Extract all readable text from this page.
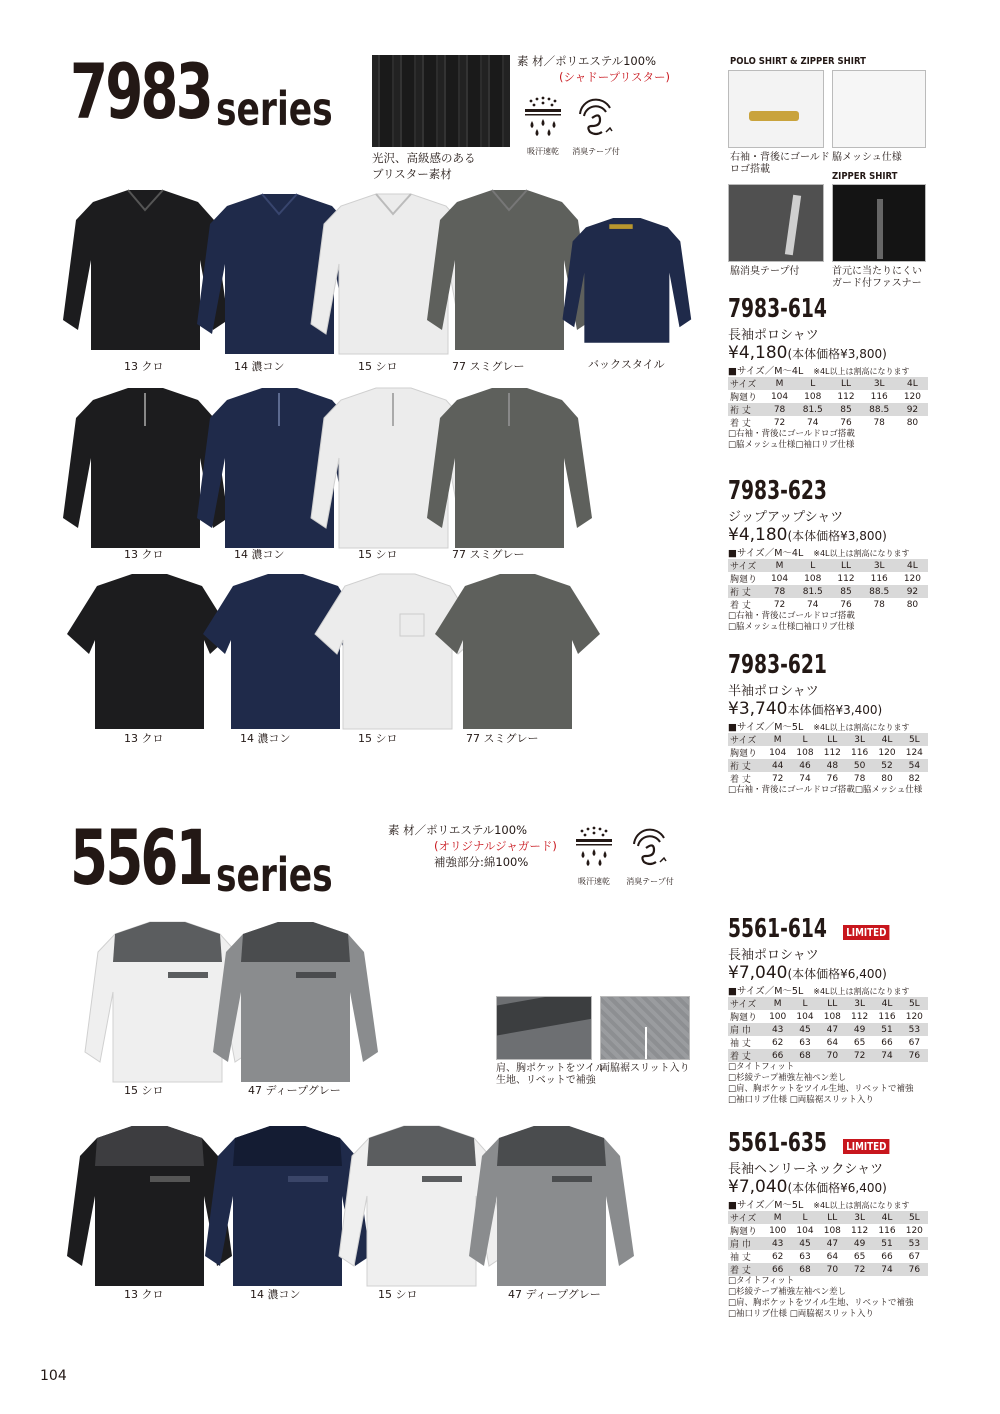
7983 series
光沢、高級感のある
ブリスター素材
素 材／ポリエステル100%
(シャドープリスター)
吸汗速乾	消臭テープ付
13 クロ	14 濃コン	15 シロ	77 スミグレー	バックスタイル
13 クロ	14 濃コン	15 シロ	77 スミグレー
13 クロ	14 濃コン	15 シロ	77 スミグレー
POLO SHIRT & ZIPPER SHIRT
右袖・背後にゴールド
ロゴ搭載
脇メッシュ仕様
ZIPPER SHIRT
脇消臭テープ付	首元に当たりにくい
ガード付ファスナー
7983-614
長袖ポロシャツ
¥4,180(本体価格¥3,800)
■サイズ／M～4L ※4L以上は割高になります
サイズ	M	L	LL	3L	4L
胸廻り	104	108	112	116	120
裄 丈	78	81.5	85	88.5	92
着 丈	72	74	76	78	80
□右袖・背後にゴールドロゴ搭載
□脇メッシュ仕様□袖口リブ仕様
7983-623
ジップアップシャツ
¥4,180(本体価格¥3,800)
■サイズ／M～4L ※4L以上は割高になります
サイズ	M	L	LL	3L	4L
胸廻り	104	108	112	116	120
裄 丈	78	81.5	85	88.5	92
着 丈	72	74	76	78	80
□右袖・背後にゴールドロゴ搭載
□脇メッシュ仕様□袖口リブ仕様
7983-621
半袖ポロシャツ
¥3,740本体価格¥3,400)
■サイズ／M～5L ※4L以上は割高になります
サイズ	M	L	LL	3L	4L	5L
胸廻り	104	108	112	116	120	124
裄 丈	44	46	48	50	52	54
着 丈	72	74	76	78	80	82
□右袖・背後にゴールドロゴ搭載□脇メッシュ仕様
5561 series
素 材／ポリエステル100%
(オリジナルジャガード)
補強部分:綿100%
吸汗速乾	消臭テープ付
肩、胸ポケットをツイル
生地、リベットで補強
両脇裾スリット入り
15 シロ	47 ディープグレー
13 クロ	14 濃コン	15 シロ	47 ディープグレー
5561-614 LIMITED
長袖ポロシャツ
¥7,040(本体価格¥6,400)
■サイズ／M～5L ※4L以上は割高になります
サイズ	M	L	LL	3L	4L	5L
胸廻り	100	104	108	112	116	120
肩 巾	43	45	47	49	51	53
袖 丈	62	63	64	65	66	67
着 丈	66	68	70	72	74	76
□タイトフィット
□杉綾テープ補強左袖ペン差し
□肩、胸ポケットをツイル生地、リベットで補強
□袖口リブ仕様 □両脇裾スリット入り
5561-635 LIMITED
長袖ヘンリーネックシャツ
¥7,040(本体価格¥6,400)
■サイズ／M～5L ※4L以上は割高になります
サイズ	M	L	LL	3L	4L	5L
胸廻り	100	104	108	112	116	120
肩 巾	43	45	47	49	51	53
袖 丈	62	63	64	65	66	67
着 丈	66	68	70	72	74	76
□タイトフィット
□杉綾テープ補強左袖ペン差し
□肩、胸ポケットをツイル生地、リベットで補強
□袖口リブ仕様 □両脇裾スリット入り
104
